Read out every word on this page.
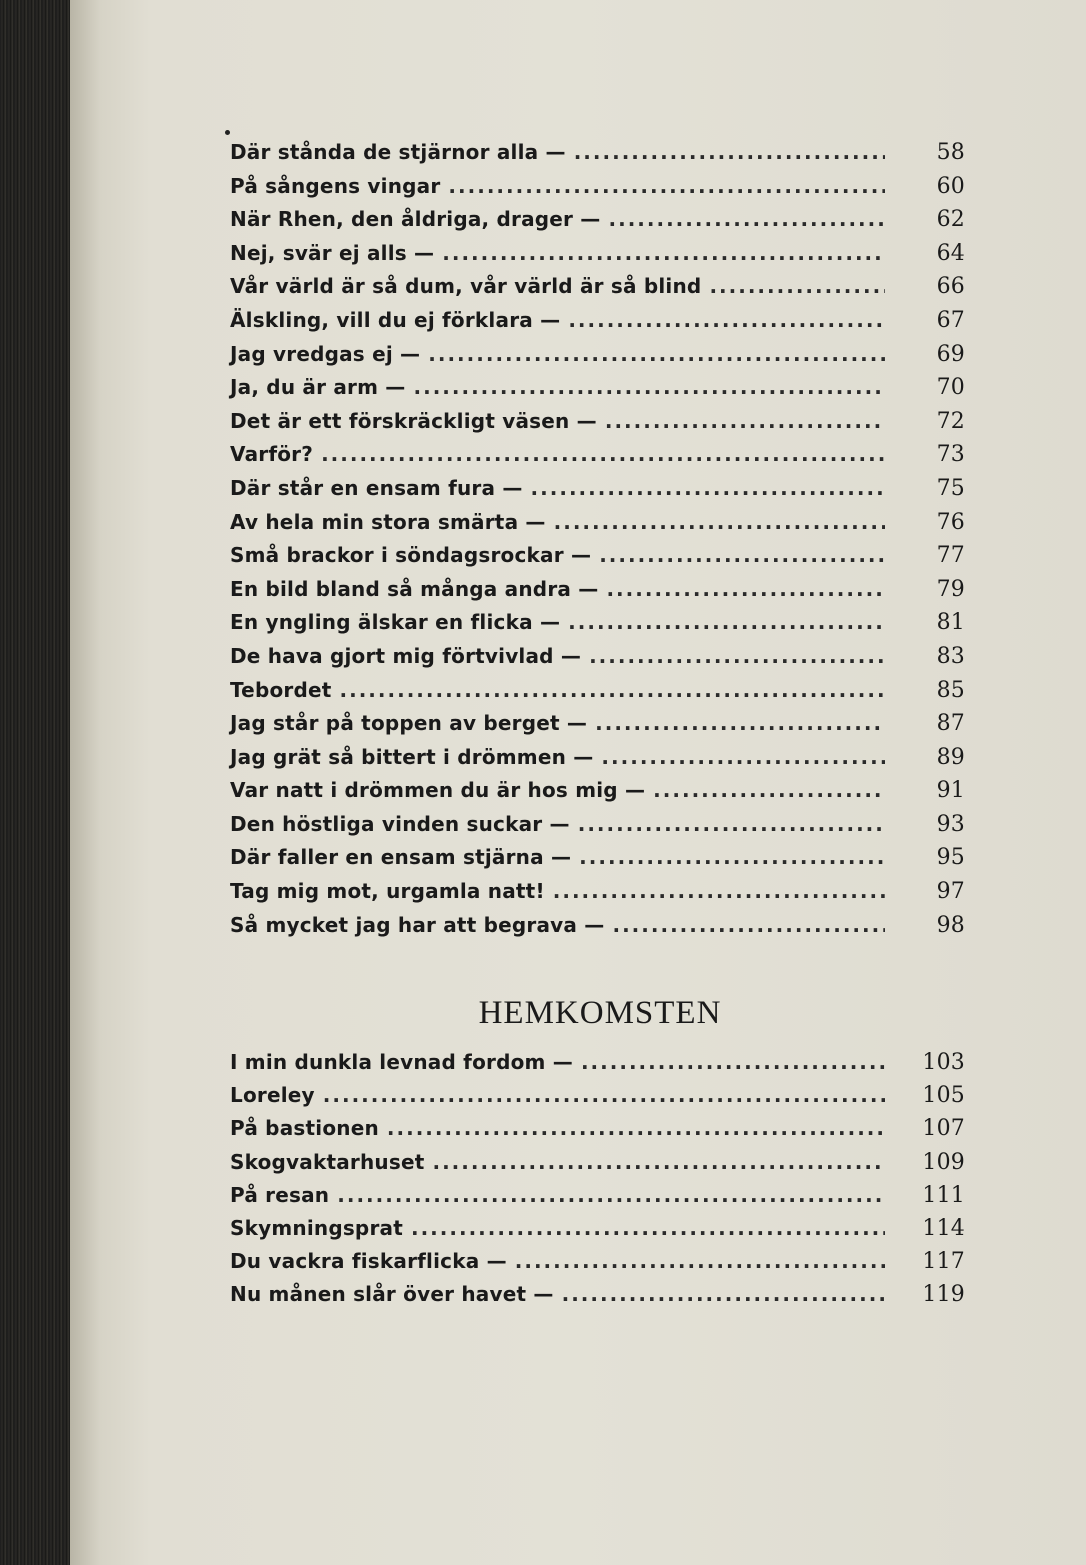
Där stånda de stjärnor alla — .....	58
På sångens vingar .....	60
När Rhen, den åldriga, drager — .....	62
Nej, svär ej alls — .....	64
Vår värld är så dum, vår värld är så blind .....	66
Älskling, vill du ej förklara — .....	67
Jag vredgas ej — .....	69
Ja, du är arm — .....	70
Det är ett förskräckligt väsen — .....	72
Varför? .....	73
Där står en ensam fura — .....	75
Av hela min stora smärta — .....	76
Små brackor i söndagsrockar — .....	77
En bild bland så många andra — .....	79
En yngling älskar en flicka — .....	81
De hava gjort mig förtvivlad — .....	83
Tebordet .....	85
Jag står på toppen av berget — .....	87
Jag grät så bittert i drömmen — .....	89
Var natt i drömmen du är hos mig — .....	91
Den höstliga vinden suckar — .....	93
Där faller en ensam stjärna — .....	95
Tag mig mot, urgamla natt! .....	97
Så mycket jag har att begrava — .....	98
HEMKOMSTEN
I min dunkla levnad fordom — .....	103
Loreley .....	105
På bastionen .....	107
Skogvaktarhuset .....	109
På resan .....	111
Skymningsprat .....	114
Du vackra fiskarflicka — .....	117
Nu månen slår över havet — .....	119
